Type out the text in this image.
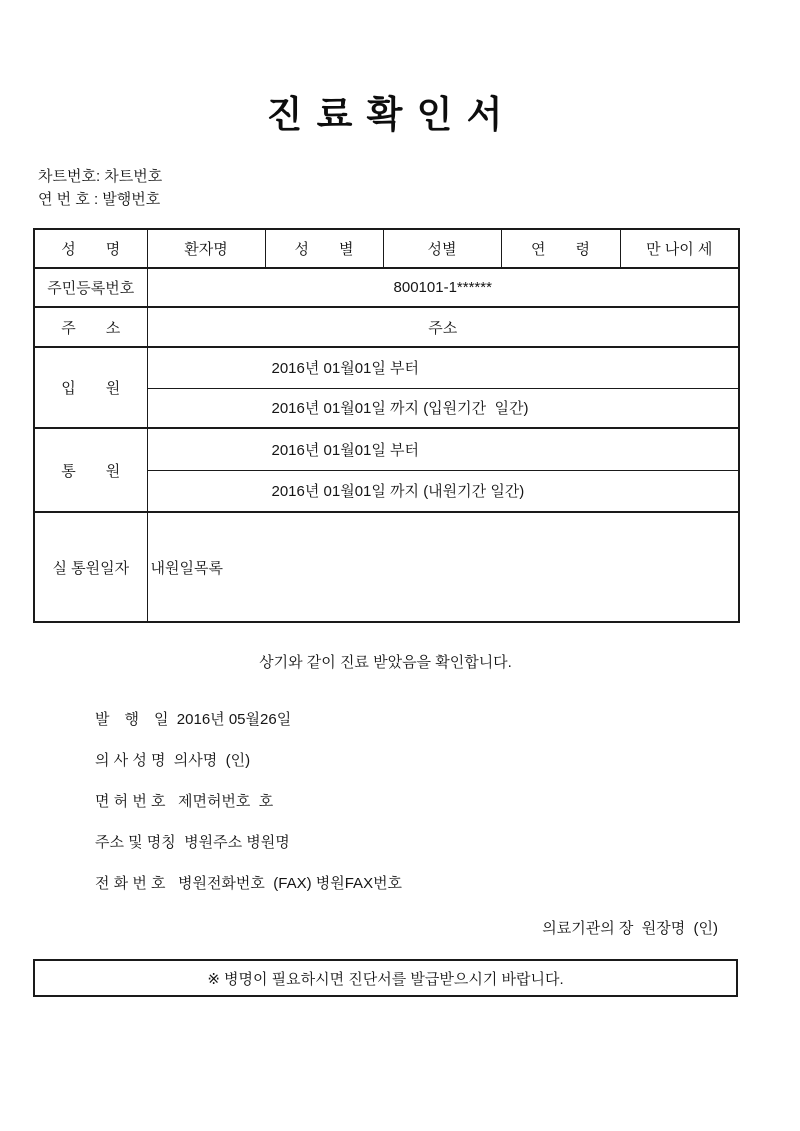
진 료 확 인 서
차트번호: 차트번호
연 번 호 : 발행번호
성　　명	환자명	성　　별	성별	연　　령	만 나이 세
주민등록번호	800101-1******				
주　　소	주소				
입　　원	2016년 01월01일 부터				
	2016년 01월01일 까지 (입원기간  일간)				
통　　원	2016년 01월01일 부터				
	2016년 01월01일 까지 (내원기간 일간)				
실 통원일자	내원일목록				
상기와 같이 진료 받았음을 확인합니다.
발　행　일  2016년 05월26일
의 사 성 명  의사명  (인)
면 허 번 호   제면허번호  호
주소 및 명칭  병원주소 병원명
전 화 번 호   병원전화번호  (FAX) 병원FAX번호
의료기관의 장  원장명  (인)
※ 병명이 필요하시면 진단서를 발급받으시기 바랍니다.
